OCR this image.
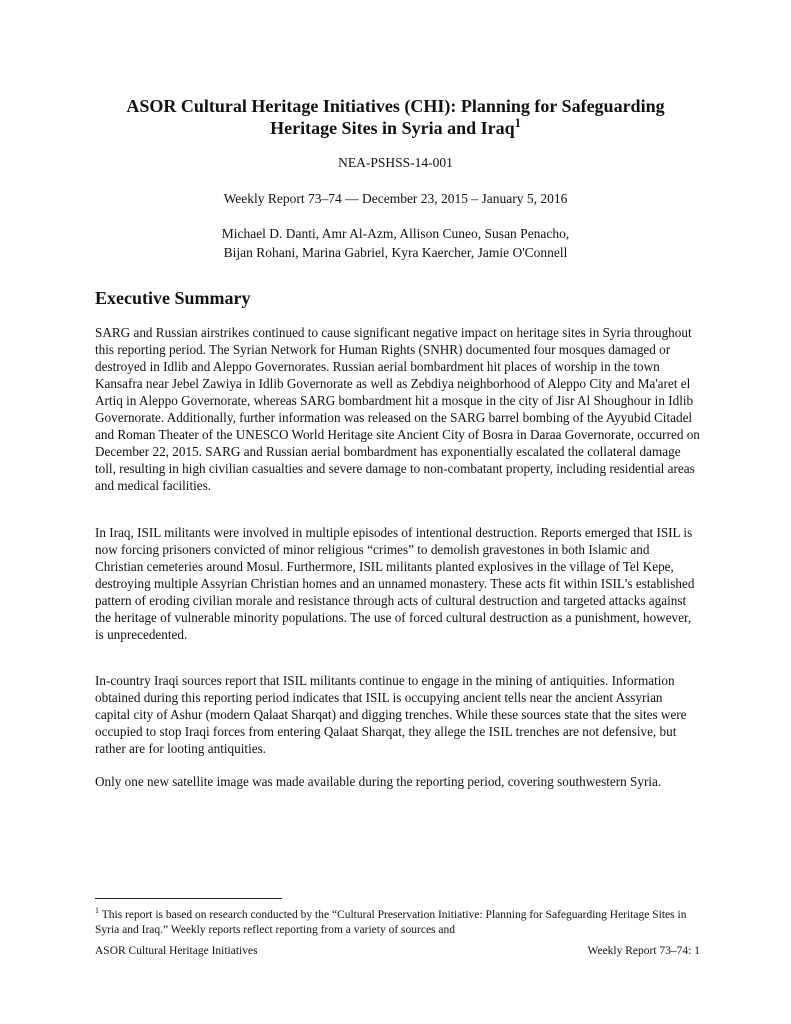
ASOR Cultural Heritage Initiatives (CHI): Planning for Safeguarding
Heritage Sites in Syria and Iraq$^1$

NEA-PSHSS-14-001

Weekly Report 73–74 — December 23, 2015 – January 5, 2016

Michael D. Danti, Amr Al-Azm, Allison Cuneo, Susan Penacho,
Bijan Rohani, Marina Gabriel, Kyra Kaercher, Jamie O'Connell

Executive Summary

SARG and Russian airstrikes continued to cause significant negative impact on heritage sites in Syria throughout this reporting period. The Syrian Network for Human Rights (SNHR) documented four mosques damaged or destroyed in Idlib and Aleppo Governorates. Russian aerial bombardment hit places of worship in the town Kansafra near Jebel Zawiya in Idlib Governorate as well as Zebdiya neighborhood of Aleppo City and Ma'aret el Artiq in Aleppo Governorate, whereas SARG bombardment hit a mosque in the city of Jisr Al Shoughour in Idlib Governorate. Additionally, further information was released on the SARG barrel bombing of the Ayyubid Citadel and Roman Theater of the UNESCO World Heritage site Ancient City of Bosra in Daraa Governorate, occurred on December 22, 2015. SARG and Russian aerial bombardment has exponentially escalated the collateral damage toll, resulting in high civilian casualties and severe damage to non-combatant property, including residential areas and medical facilities.

In Iraq, ISIL militants were involved in multiple episodes of intentional destruction. Reports emerged that ISIL is now forcing prisoners convicted of minor religious “crimes” to demolish gravestones in both Islamic and Christian cemeteries around Mosul. Furthermore, ISIL militants planted explosives in the village of Tel Kepe, destroying multiple Assyrian Christian homes and an unnamed monastery. These acts fit within ISIL’s established pattern of eroding civilian morale and resistance through acts of cultural destruction and targeted attacks against the heritage of vulnerable minority populations. The use of forced cultural destruction as a punishment, however, is unprecedented.

In-country Iraqi sources report that ISIL militants continue to engage in the mining of antiquities. Information obtained during this reporting period indicates that ISIL is occupying ancient tells near the ancient Assyrian capital city of Ashur (modern Qalaat Sharqat) and digging trenches. While these sources state that the sites were occupied to stop Iraqi forces from entering Qalaat Sharqat, they allege the ISIL trenches are not defensive, but rather are for looting antiquities.

Only one new satellite image was made available during the reporting period, covering southwestern Syria.

$^1$ This report is based on research conducted by the “Cultural Preservation Initiative: Planning for Safeguarding Heritage Sites in Syria and Iraq.” Weekly reports reflect reporting from a variety of sources and

ASOR Cultural Heritage Initiatives	Weekly Report 73–74: 1
